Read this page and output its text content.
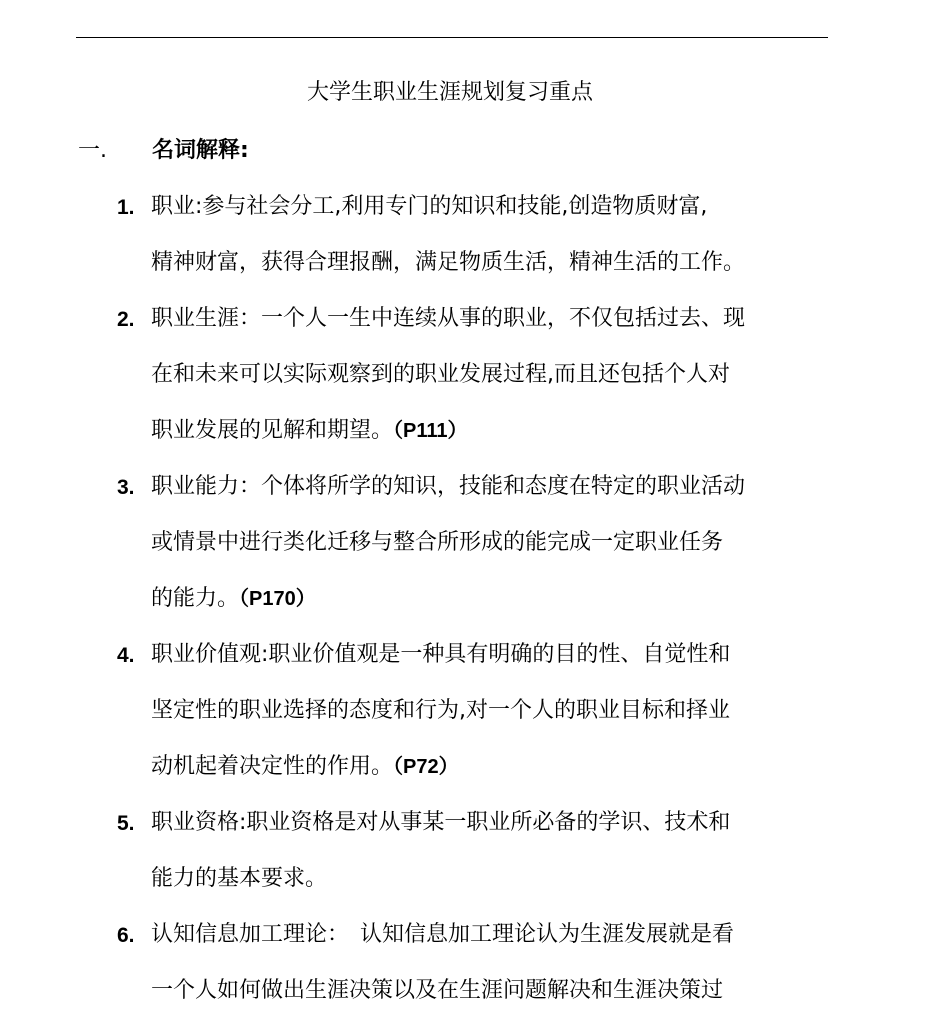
大学生职业生涯规划复习重点
一. 名词解释:
1. 职业:参与社会分工,利用专门的知识和技能,创造物质财富,
精神财富，获得合理报酬，满足物质生活，精神生活的工作。
2. 职业生涯：一个人一生中连续从事的职业，不仅包括过去、现
在和未来可以实际观察到的职业发展过程,而且还包括个人对
职业发展的见解和期望。（P111）
3. 职业能力：个体将所学的知识，技能和态度在特定的职业活动
或情景中进行类化迁移与整合所形成的能完成一定职业任务
的能力。（P170）
4. 职业价值观:职业价值观是一种具有明确的目的性、自觉性和
坚定性的职业选择的态度和行为,对一个人的职业目标和择业
动机起着决定性的作用。（P72）
5. 职业资格:职业资格是对从事某一职业所必备的学识、技术和
能力的基本要求。
6. 认知信息加工理论：　认知信息加工理论认为生涯发展就是看
一个人如何做出生涯决策以及在生涯问题解决和生涯决策过
